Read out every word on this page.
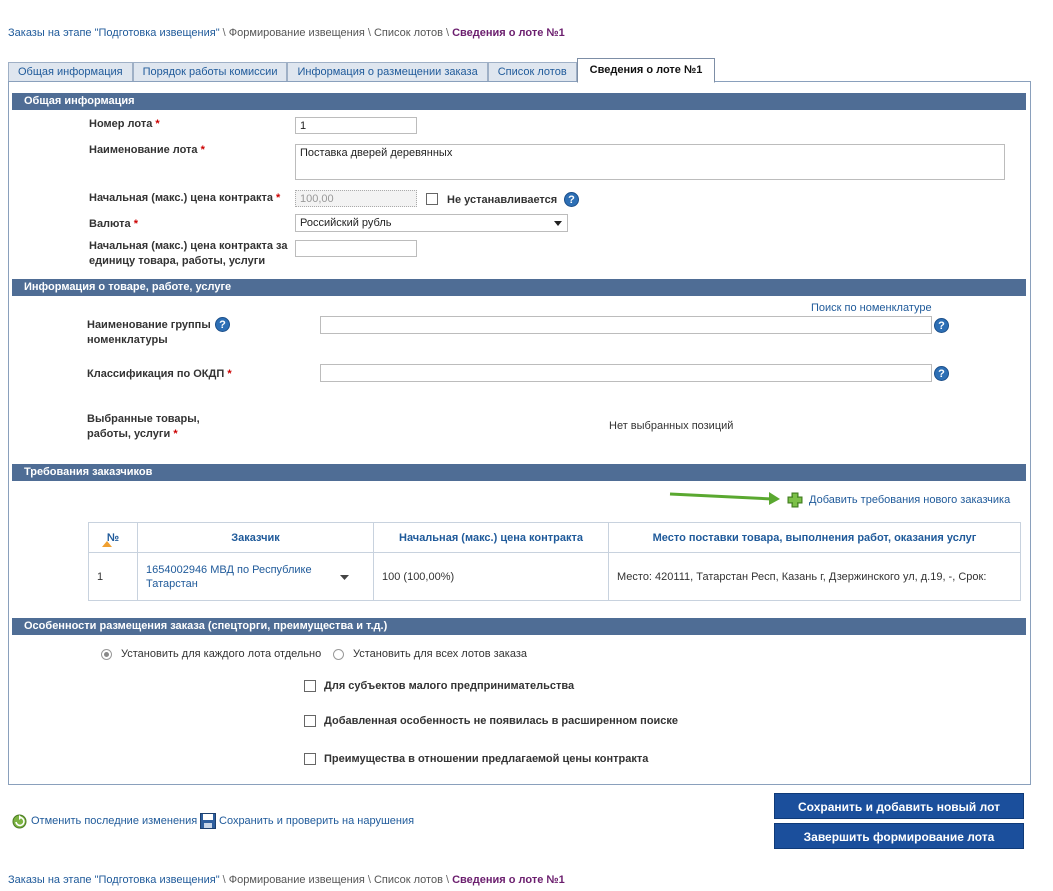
Заказы на этапе "Подготовка извещения" \ Формирование извещения \ Список лотов \ Сведения о лоте №1
Общая информация	Порядок работы комиссии	Информация о размещении заказа	Список лотов	Сведения о лоте №1
Общая информация
Номер лота *	1
Наименование лота *	Поставка дверей деревянных
Начальная (макс.) цена контракта *	100,00	Не устанавливается ?
Валюта *	Российский рубль
Начальная (макс.) цена контракта за
единицу товара, работы, услуги
Информация о товаре, работе, услуге
Поиск по номенклатуре
Наименование группы
номенклатуры
?	?
Классификация по ОКДП *	?
Выбранные товары,
работы, услуги *
Нет выбранных позиций
Требования заказчиков
Добавить требования нового заказчика
№	Заказчик	Начальная (макс.) цена контракта	Место поставки товара, выполнения работ, оказания услуг
1	1654002946 МВД по Республике
Татарстан	100 (100,00%)	Место: 420111, Татарстан Респ, Казань г, Дзержинского ул, д.19, -, Срок:
Особенности размещения заказа (спецторги, преимущества и т.д.)
Установить для каждого лота отдельно	Установить для всех лотов заказа
Для субъектов малого предпринимательства
Добавленная особенность не появилась в расширенном поиске
Преимущества в отношении предлагаемой цены контракта
Отменить последние изменения Сохранить и проверить на нарушения
Сохранить и добавить новый лот
Завершить формирование лота
Заказы на этапе "Подготовка извещения" \ Формирование извещения \ Список лотов \ Сведения о лоте №1
